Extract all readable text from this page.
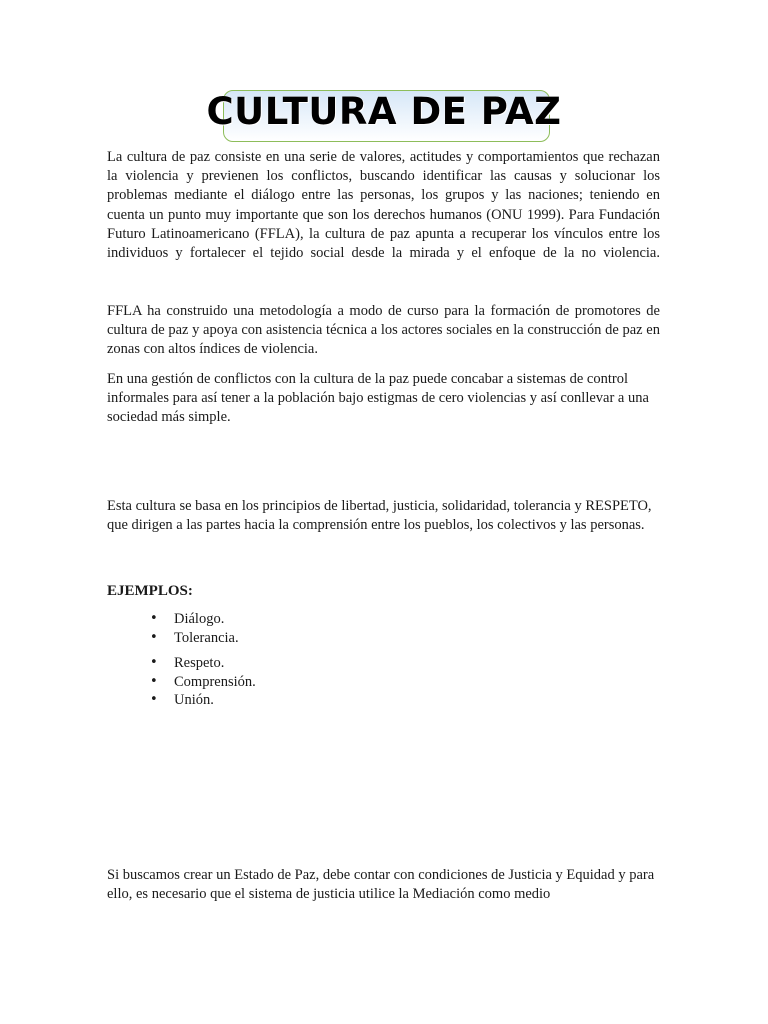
CULTURA DE PAZ

La cultura de paz consiste en una serie de valores, actitudes y comportamientos que rechazan la violencia y previenen los conflictos, buscando identificar las causas y solucionar los problemas mediante el diálogo entre las personas, los grupos y las naciones; teniendo en cuenta un punto muy importante que son los derechos humanos (ONU 1999). Para Fundación Futuro Latinoamericano (FFLA), la cultura de paz apunta a recuperar los vínculos entre los individuos y fortalecer el tejido social desde la mirada y el enfoque de la no violencia.

FFLA ha construido una metodología a modo de curso para la formación de promotores de cultura de paz y apoya con asistencia técnica a los actores sociales en la construcción de paz en zonas con altos índices de violencia.

En una gestión de conflictos con la cultura de la paz puede concabar a sistemas de control informales para así tener a la población bajo estigmas de cero violencias y así conllevar a una sociedad más simple.

Esta cultura se basa en los principios de libertad, justicia, solidaridad, tolerancia y RESPETO, que dirigen a las partes hacia la comprensión entre los pueblos, los colectivos y las personas.

EJEMPLOS:
• Diálogo.
• Tolerancia.
• Respeto.
• Comprensión.
• Unión.

Si buscamos crear un Estado de Paz, debe contar con condiciones de Justicia y Equidad y para ello, es necesario que el sistema de justicia utilice la Mediación como medio
